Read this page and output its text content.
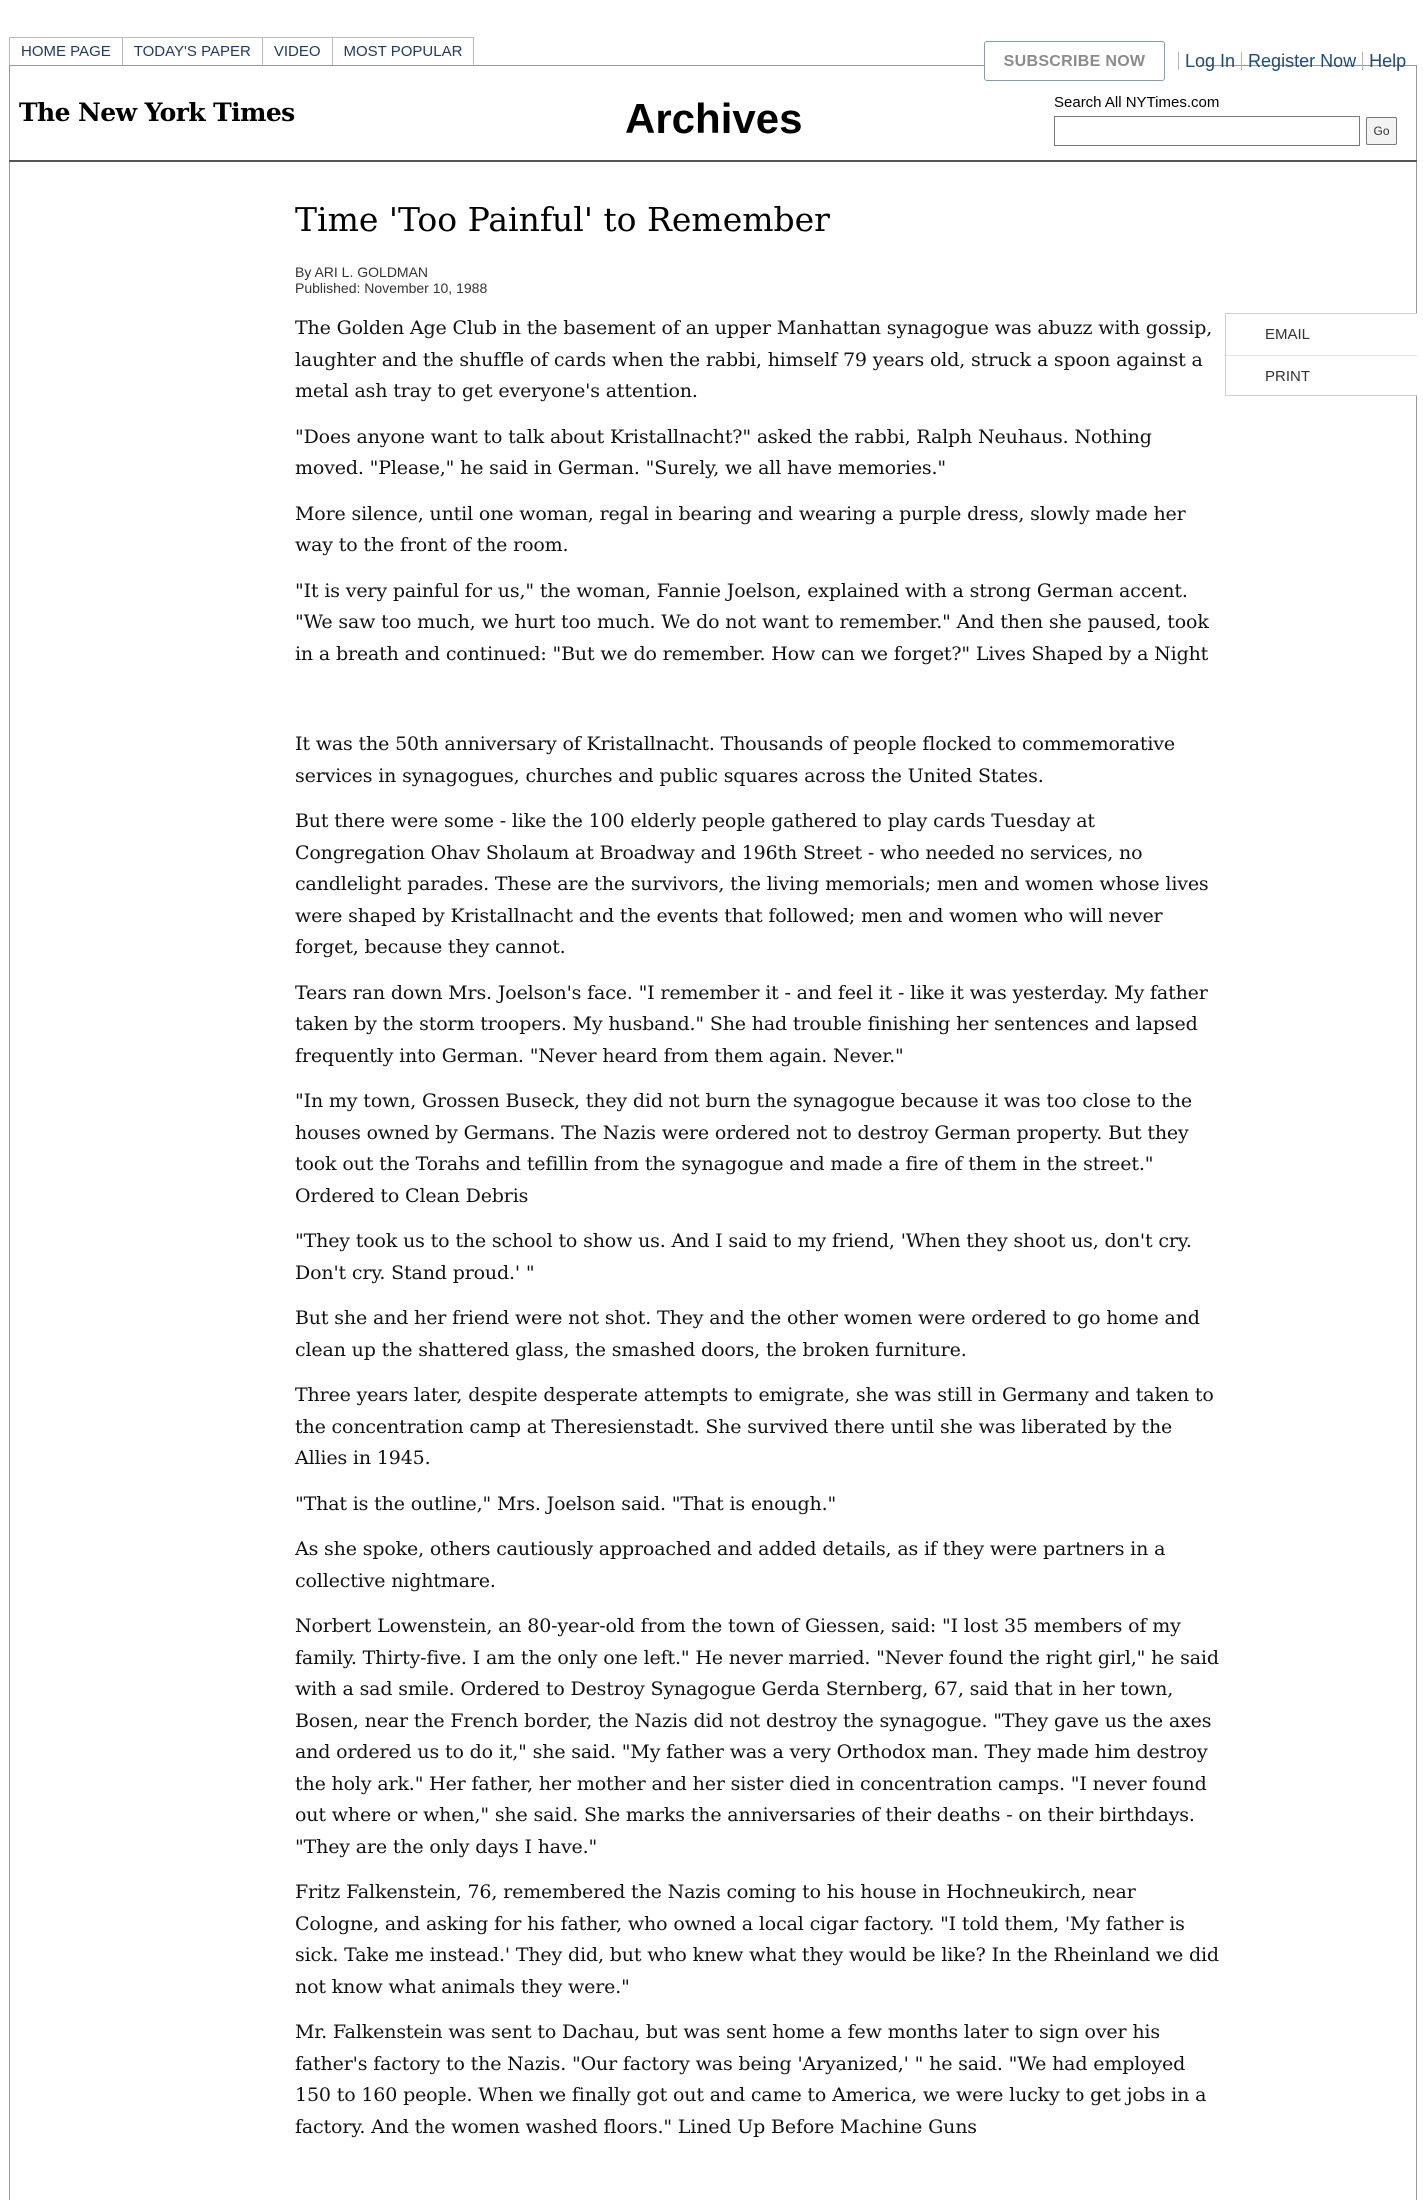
HOME PAGE	TODAY'S PAPER	VIDEO	MOST POPULAR
SUBSCRIBE NOW	Log In Register Now Help
The New York Times	Archives	Search All NYTimes.com
Go
Time 'Too Painful' to Remember
By ARI L. GOLDMAN
Published: November 10, 1988
EMAIL
PRINT

The Golden Age Club in the basement of an upper Manhattan synagogue was abuzz with gossip, laughter and the shuffle of cards when the rabbi, himself 79 years old, struck a spoon against a metal ash tray to get everyone's attention.

"Does anyone want to talk about Kristallnacht?" asked the rabbi, Ralph Neuhaus. Nothing moved. "Please," he said in German. "Surely, we all have memories."

More silence, until one woman, regal in bearing and wearing a purple dress, slowly made her way to the front of the room.

"It is very painful for us," the woman, Fannie Joelson, explained with a strong German accent. "We saw too much, we hurt too much. We do not want to remember." And then she paused, took in a breath and continued: "But we do remember. How can we forget?" Lives Shaped by a Night

It was the 50th anniversary of Kristallnacht. Thousands of people flocked to commemorative services in synagogues, churches and public squares across the United States.

But there were some - like the 100 elderly people gathered to play cards Tuesday at Congregation Ohav Sholaum at Broadway and 196th Street - who needed no services, no candlelight parades. These are the survivors, the living memorials; men and women whose lives were shaped by Kristallnacht and the events that followed; men and women who will never forget, because they cannot.

Tears ran down Mrs. Joelson's face. "I remember it - and feel it - like it was yesterday. My father taken by the storm troopers. My husband." She had trouble finishing her sentences and lapsed frequently into German. "Never heard from them again. Never."

"In my town, Grossen Buseck, they did not burn the synagogue because it was too close to the houses owned by Germans. The Nazis were ordered not to destroy German property. But they took out the Torahs and tefillin from the synagogue and made a fire of them in the street." Ordered to Clean Debris

"They took us to the school to show us. And I said to my friend, 'When they shoot us, don't cry. Don't cry. Stand proud.' "

But she and her friend were not shot. They and the other women were ordered to go home and clean up the shattered glass, the smashed doors, the broken furniture.

Three years later, despite desperate attempts to emigrate, she was still in Germany and taken to the concentration camp at Theresienstadt. She survived there until she was liberated by the Allies in 1945.

"That is the outline," Mrs. Joelson said. "That is enough."

As she spoke, others cautiously approached and added details, as if they were partners in a collective nightmare.

Norbert Lowenstein, an 80-year-old from the town of Giessen, said: "I lost 35 members of my family. Thirty-five. I am the only one left." He never married. "Never found the right girl," he said with a sad smile. Ordered to Destroy Synagogue Gerda Sternberg, 67, said that in her town, Bosen, near the French border, the Nazis did not destroy the synagogue. "They gave us the axes and ordered us to do it," she said. "My father was a very Orthodox man. They made him destroy the holy ark." Her father, her mother and her sister died in concentration camps. "I never found out where or when," she said. She marks the anniversaries of their deaths - on their birthdays. "They are the only days I have."

Fritz Falkenstein, 76, remembered the Nazis coming to his house in Hochneukirch, near Cologne, and asking for his father, who owned a local cigar factory. "I told them, 'My father is sick. Take me instead.' They did, but who knew what they would be like? In the Rheinland we did not know what animals they were."

Mr. Falkenstein was sent to Dachau, but was sent home a few months later to sign over his father's factory to the Nazis. "Our factory was being 'Aryanized,' " he said. "We had employed 150 to 160 people. When we finally got out and came to America, we were lucky to get jobs in a factory. And the women washed floors." Lined Up Before Machine Guns
